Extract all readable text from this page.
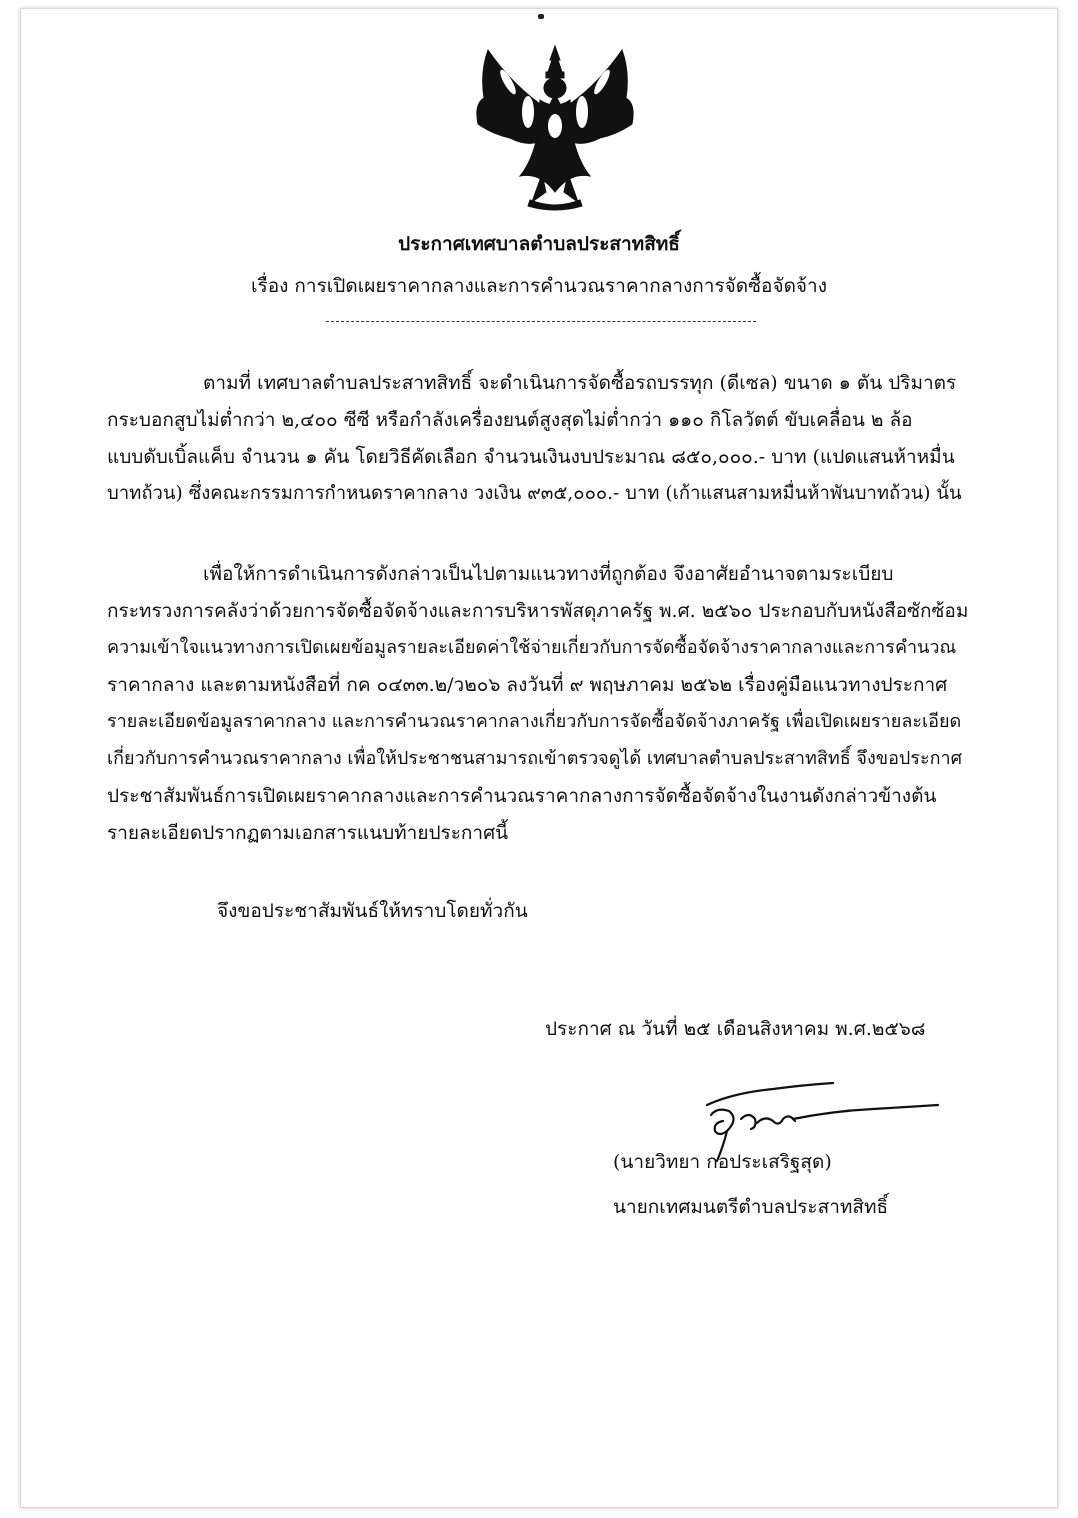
ประกาศเทศบาลตำบลประสาทสิทธิ์
เรื่อง การเปิดเผยราคากลางและการคำนวณราคากลางการจัดซื้อจัดจ้าง
ตามที่ เทศบาลตำบลประสาทสิทธิ์ จะดำเนินการจัดซื้อรถบรรทุก (ดีเซล) ขนาด ๑ ตัน ปริมาตร
กระบอกสูบไม่ต่ำกว่า ๒,๔๐๐ ซีซี หรือกำลังเครื่องยนต์สูงสุดไม่ต่ำกว่า ๑๑๐ กิโลวัตต์ ขับเคลื่อน ๒ ล้อ
แบบดับเบิ้ลแค็บ จำนวน ๑ คัน โดยวิธีคัดเลือก จำนวนเงินงบประมาณ ๘๕๐,๐๐๐.- บาท (แปดแสนห้าหมื่น
บาทถ้วน) ซึ่งคณะกรรมการกำหนดราคากลาง วงเงิน ๙๓๕,๐๐๐.- บาท (เก้าแสนสามหมื่นห้าพันบาทถ้วน) นั้น
เพื่อให้การดำเนินการดังกล่าวเป็นไปตามแนวทางที่ถูกต้อง จึงอาศัยอำนาจตามระเบียบ
กระทรวงการคลังว่าด้วยการจัดซื้อจัดจ้างและการบริหารพัสดุภาครัฐ พ.ศ. ๒๕๖๐ ประกอบกับหนังสือซักซ้อม
ความเข้าใจแนวทางการเปิดเผยข้อมูลรายละเอียดค่าใช้จ่ายเกี่ยวกับการจัดซื้อจัดจ้างราคากลางและการคำนวณ
ราคากลาง และตามหนังสือที่ กค ๐๔๓๓.๒/ว๒๐๖ ลงวันที่ ๙ พฤษภาคม ๒๕๖๒ เรื่องคู่มือแนวทางประกาศ
รายละเอียดข้อมูลราคากลาง และการคำนวณราคากลางเกี่ยวกับการจัดซื้อจัดจ้างภาครัฐ เพื่อเปิดเผยรายละเอียด
เกี่ยวกับการคำนวณราคากลาง เพื่อให้ประชาชนสามารถเข้าตรวจดูได้ เทศบาลตำบลประสาทสิทธิ์ จึงขอประกาศ
ประชาสัมพันธ์การเปิดเผยราคากลางและการคำนวณราคากลางการจัดซื้อจัดจ้างในงานดังกล่าวข้างต้น
รายละเอียดปรากฏตามเอกสารแนบท้ายประกาศนี้
จึงขอประชาสัมพันธ์ให้ทราบโดยทั่วกัน
ประกาศ ณ วันที่ ๒๕ เดือนสิงหาคม พ.ศ.๒๕๖๘
(นายวิทยา กอประเสริฐสุด)
นายกเทศมนตรีตำบลประสาทสิทธิ์
